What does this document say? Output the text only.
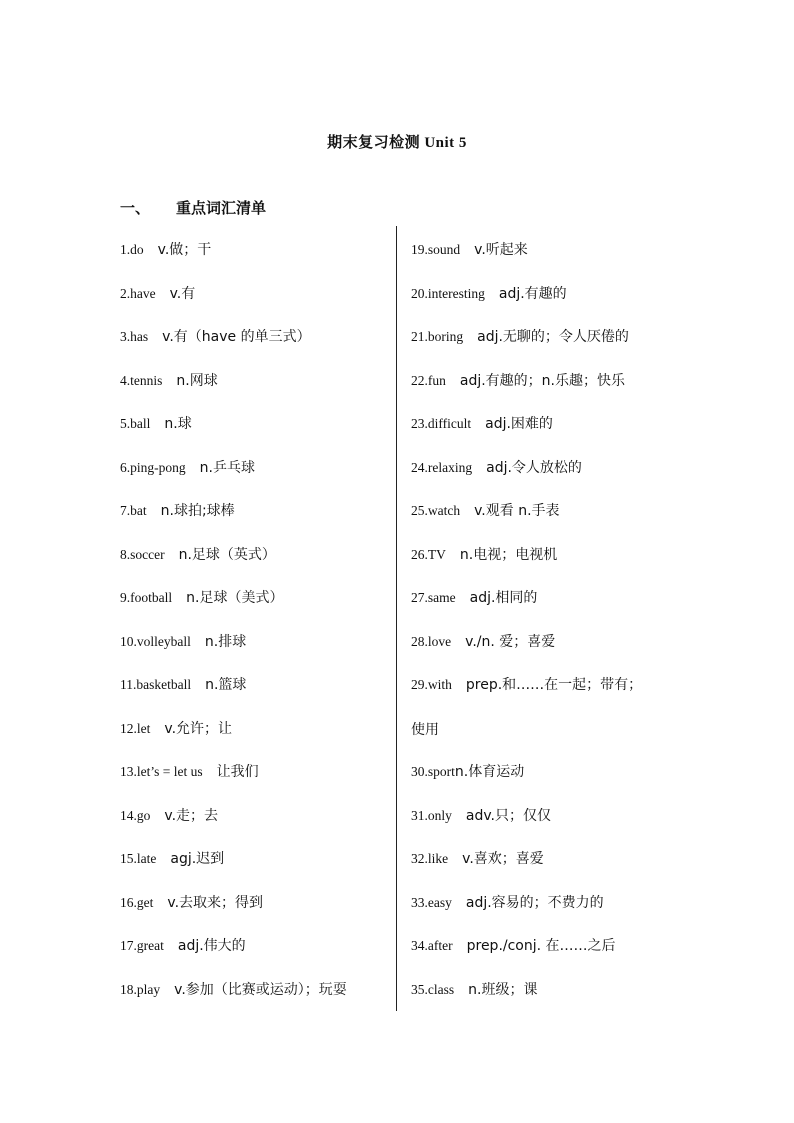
期末复习检测 Unit 5
一、 重点词汇清单
1.do v.做；干
2.have v.有
3.has v.有（have 的单三式）
4.tennis n.网球
5.ball n.球
6.ping-pong n.乒乓球
7.bat n.球拍;球棒
8.soccer n.足球（英式）
9.football n.足球（美式）
10.volleyball n.排球
11.basketball n.篮球
12.let v.允许；让
13.let’s = let us 让我们
14.go v.走；去
15.late agj.迟到
16.get v.去取来；得到
17.great adj.伟大的
18.play v.参加（比赛或运动）；玩耍
19.sound v.听起来
20.interesting adj.有趣的
21.boring adj.无聊的；令人厌倦的
22.fun adj.有趣的；n.乐趣；快乐
23.difficult adj.困难的
24.relaxing adj.令人放松的
25.watch v.观看 n.手表
26.TV n.电视；电视机
27.same adj.相同的
28.love v./n. 爱；喜爱
29.with prep.和……在一起；带有；
使用
30.sportn.体育运动
31.only adv.只；仅仅
32.like v.喜欢；喜爱
33.easy adj.容易的；不费力的
34.after prep./conj. 在……之后
35.class n.班级；课
